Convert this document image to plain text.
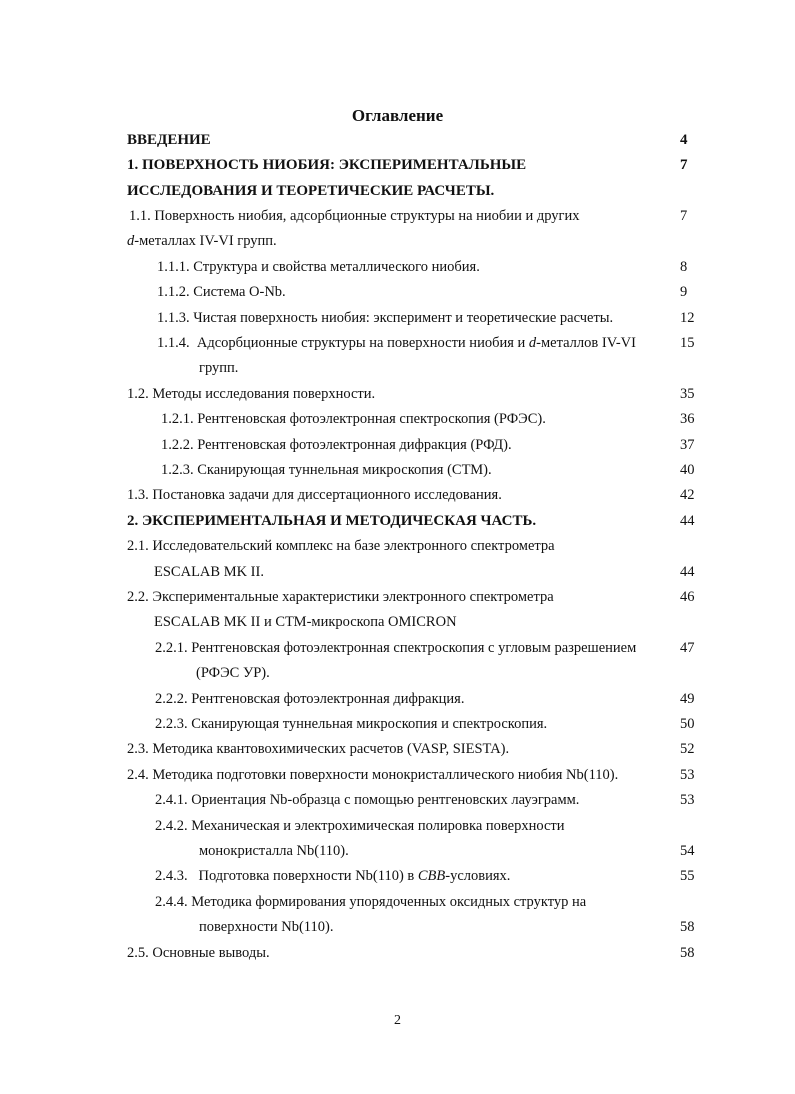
Оглавление
ВВЕДЕНИЕ	4
1. ПОВЕРХНОСТЬ НИОБИЯ: ЭКСПЕРИМЕНТАЛЬНЫЕ	7
ИССЛЕДОВАНИЯ И ТЕОРЕТИЧЕСКИЕ РАСЧЕТЫ.
1.1. Поверхность ниобия, адсорбционные структуры на ниобии и других	7
d-металлах IV-VI групп.
1.1.1. Структура и свойства металлического ниобия.	8
1.1.2. Система O-Nb.	9
1.1.3. Чистая поверхность ниобия: эксперимент и теоретические расчеты.	12
1.1.4.  Адсорбционные структуры на поверхности ниобия и d-металлов IV-VI	15
групп.
1.2. Методы исследования поверхности.	35
1.2.1. Рентгеновская фотоэлектронная спектроскопия (РФЭС).	36
1.2.2. Рентгеновская фотоэлектронная дифракция (РФД).	37
1.2.3. Сканирующая туннельная микроскопия (СТМ).	40
1.3. Постановка задачи для диссертационного исследования.	42
2. ЭКСПЕРИМЕНТАЛЬНАЯ И МЕТОДИЧЕСКАЯ ЧАСТЬ.	44
2.1. Исследовательский комплекс на базе электронного спектрометра
ESCALAB MK II.	44
2.2. Экспериментальные характеристики электронного спектрометра	46
ESCALAB MK II и СТМ-микроскопа OMICRON
2.2.1. Рентгеновская фотоэлектронная спектроскопия с угловым разрешением	47
(РФЭС УР).
2.2.2. Рентгеновская фотоэлектронная дифракция.	49
2.2.3. Сканирующая туннельная микроскопия и спектроскопия.	50
2.3. Методика квантовохимических расчетов (VASP, SIESTA).	52
2.4. Методика подготовки поверхности монокристаллического ниобия Nb(110).	53
2.4.1. Ориентация Nb-образца с помощью рентгеновских лауэграмм.	53
2.4.2. Механическая и электрохимическая полировка поверхности
монокристалла Nb(110).	54
2.4.3.   Подготовка поверхности Nb(110) в СВВ-условиях.	55
2.4.4. Методика формирования упорядоченных оксидных структур на
поверхности Nb(110).	58
2.5. Основные выводы.	58
2
